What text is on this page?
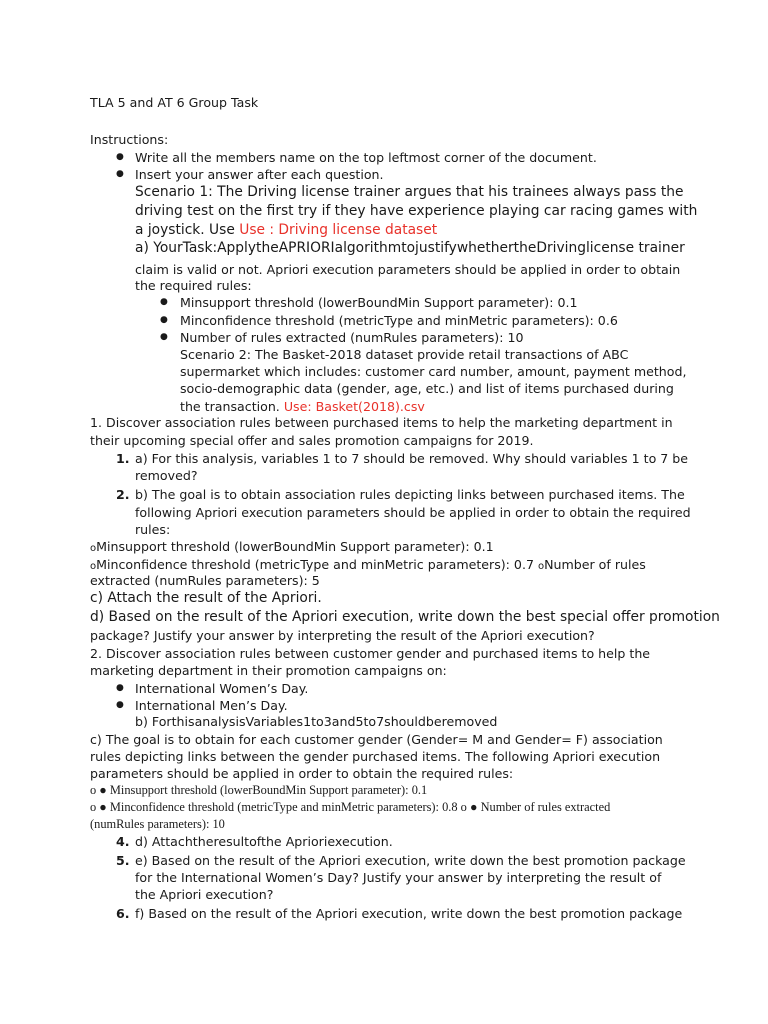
TLA 5 and AT 6 Group Task
Instructions:
● Write all the members name on the top leftmost corner of the document.
● Insert your answer after each question.
Scenario 1: The Driving license trainer argues that his trainees always pass the
driving test on the first try if they have experience playing car racing games with
a joystick. Use Use : Driving license dataset
a) YourTask:ApplytheAPRIORIalgorithmtojustifywhethertheDrivinglicense trainer
claim is valid or not. Apriori execution parameters should be applied in order to obtain
the required rules:
● Minsupport threshold (lowerBoundMin Support parameter): 0.1
● Minconfidence threshold (metricType and minMetric parameters): 0.6
● Number of rules extracted (numRules parameters): 10
Scenario 2: The Basket-2018 dataset provide retail transactions of ABC
supermarket which includes: customer card number, amount, payment method,
socio-demographic data (gender, age, etc.) and list of items purchased during
the transaction. Use: Basket(2018).csv
1. Discover association rules between purchased items to help the marketing department in
their upcoming special offer and sales promotion campaigns for 2019.
1. a) For this analysis, variables 1 to 7 should be removed. Why should variables 1 to 7 be
removed?
2. b) The goal is to obtain association rules depicting links between purchased items. The
following Apriori execution parameters should be applied in order to obtain the required
rules:
oMinsupport threshold (lowerBoundMin Support parameter): 0.1
oMinconfidence threshold (metricType and minMetric parameters): 0.7 oNumber of rules
extracted (numRules parameters): 5
c) Attach the result of the Apriori.
d) Based on the result of the Apriori execution, write down the best special offer promotion
package? Justify your answer by interpreting the result of the Apriori execution?
2. Discover association rules between customer gender and purchased items to help the
marketing department in their promotion campaigns on:
● International Women’s Day.
● International Men’s Day.
b) ForthisanalysisVariables1to3and5to7shouldberemoved
c) The goal is to obtain for each customer gender (Gender= M and Gender= F) association
rules depicting links between the gender purchased items. The following Apriori execution
parameters should be applied in order to obtain the required rules:
o ● Minsupport threshold (lowerBoundMin Support parameter): 0.1
o ● Minconfidence threshold (metricType and minMetric parameters): 0.8 o ● Number of rules extracted
(numRules parameters): 10
4. d) Attachtheresultofthe Aprioriexecution.
5. e) Based on the result of the Apriori execution, write down the best promotion package
for the International Women’s Day? Justify your answer by interpreting the result of
the Apriori execution?
6. f) Based on the result of the Apriori execution, write down the best promotion package
